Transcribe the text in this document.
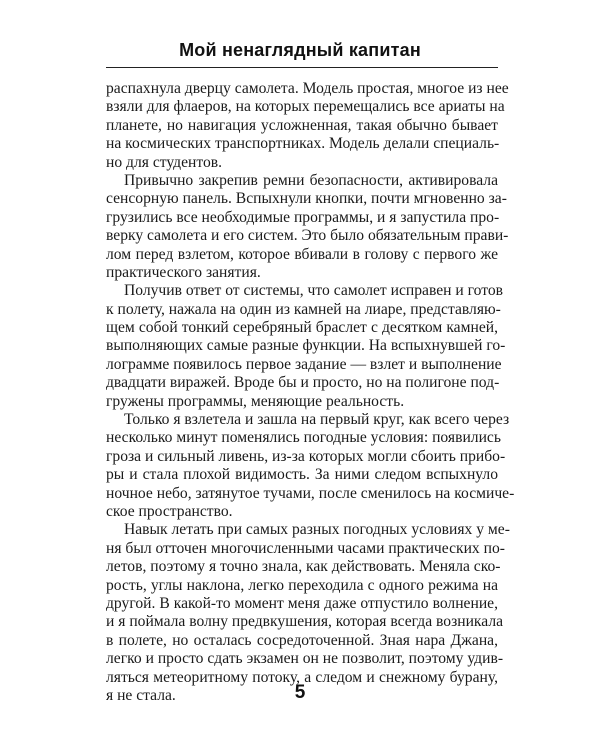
Мой ненаглядный капитан
распахнула дверцу самолета. Модель простая, многое из нее
взяли для флаеров, на которых перемещались все ариаты на
планете, но навигация усложненная, такая обычно бывает
на космических транспортниках. Модель делали специаль-
но для студентов.
Привычно закрепив ремни безопасности, активировала
сенсорную панель. Вспыхнули кнопки, почти мгновенно за-
грузились все необходимые программы, и я запустила про-
верку самолета и его систем. Это было обязательным прави-
лом перед взлетом, которое вбивали в голову с первого же
практического занятия.
Получив ответ от системы, что самолет исправен и готов
к полету, нажала на один из камней на лиаре, представляю-
щем собой тонкий серебряный браслет с десятком камней,
выполняющих самые разные функции. На вспыхнувшей го-
лограмме появилось первое задание — взлет и выполнение
двадцати виражей. Вроде бы и просто, но на полигоне под-
гружены программы, меняющие реальность.
Только я взлетела и зашла на первый круг, как всего через
несколько минут поменялись погодные условия: появились
гроза и сильный ливень, из-за которых могли сбоить прибо-
ры и стала плохой видимость. За ними следом вспыхнуло
ночное небо, затянутое тучами, после сменилось на космиче-
ское пространство.
Навык летать при самых разных погодных условиях у ме-
ня был отточен многочисленными часами практических по-
летов, поэтому я точно знала, как действовать. Меняла ско-
рость, углы наклона, легко переходила с одного режима на
другой. В какой-то момент меня даже отпустило волнение,
и я поймала волну предвкушения, которая всегда возникала
в полете, но осталась сосредоточенной. Зная нара Джана,
легко и просто сдать экзамен он не позволит, поэтому удив-
ляться метеоритному потоку, а следом и снежному бурану,
я не стала.	5
